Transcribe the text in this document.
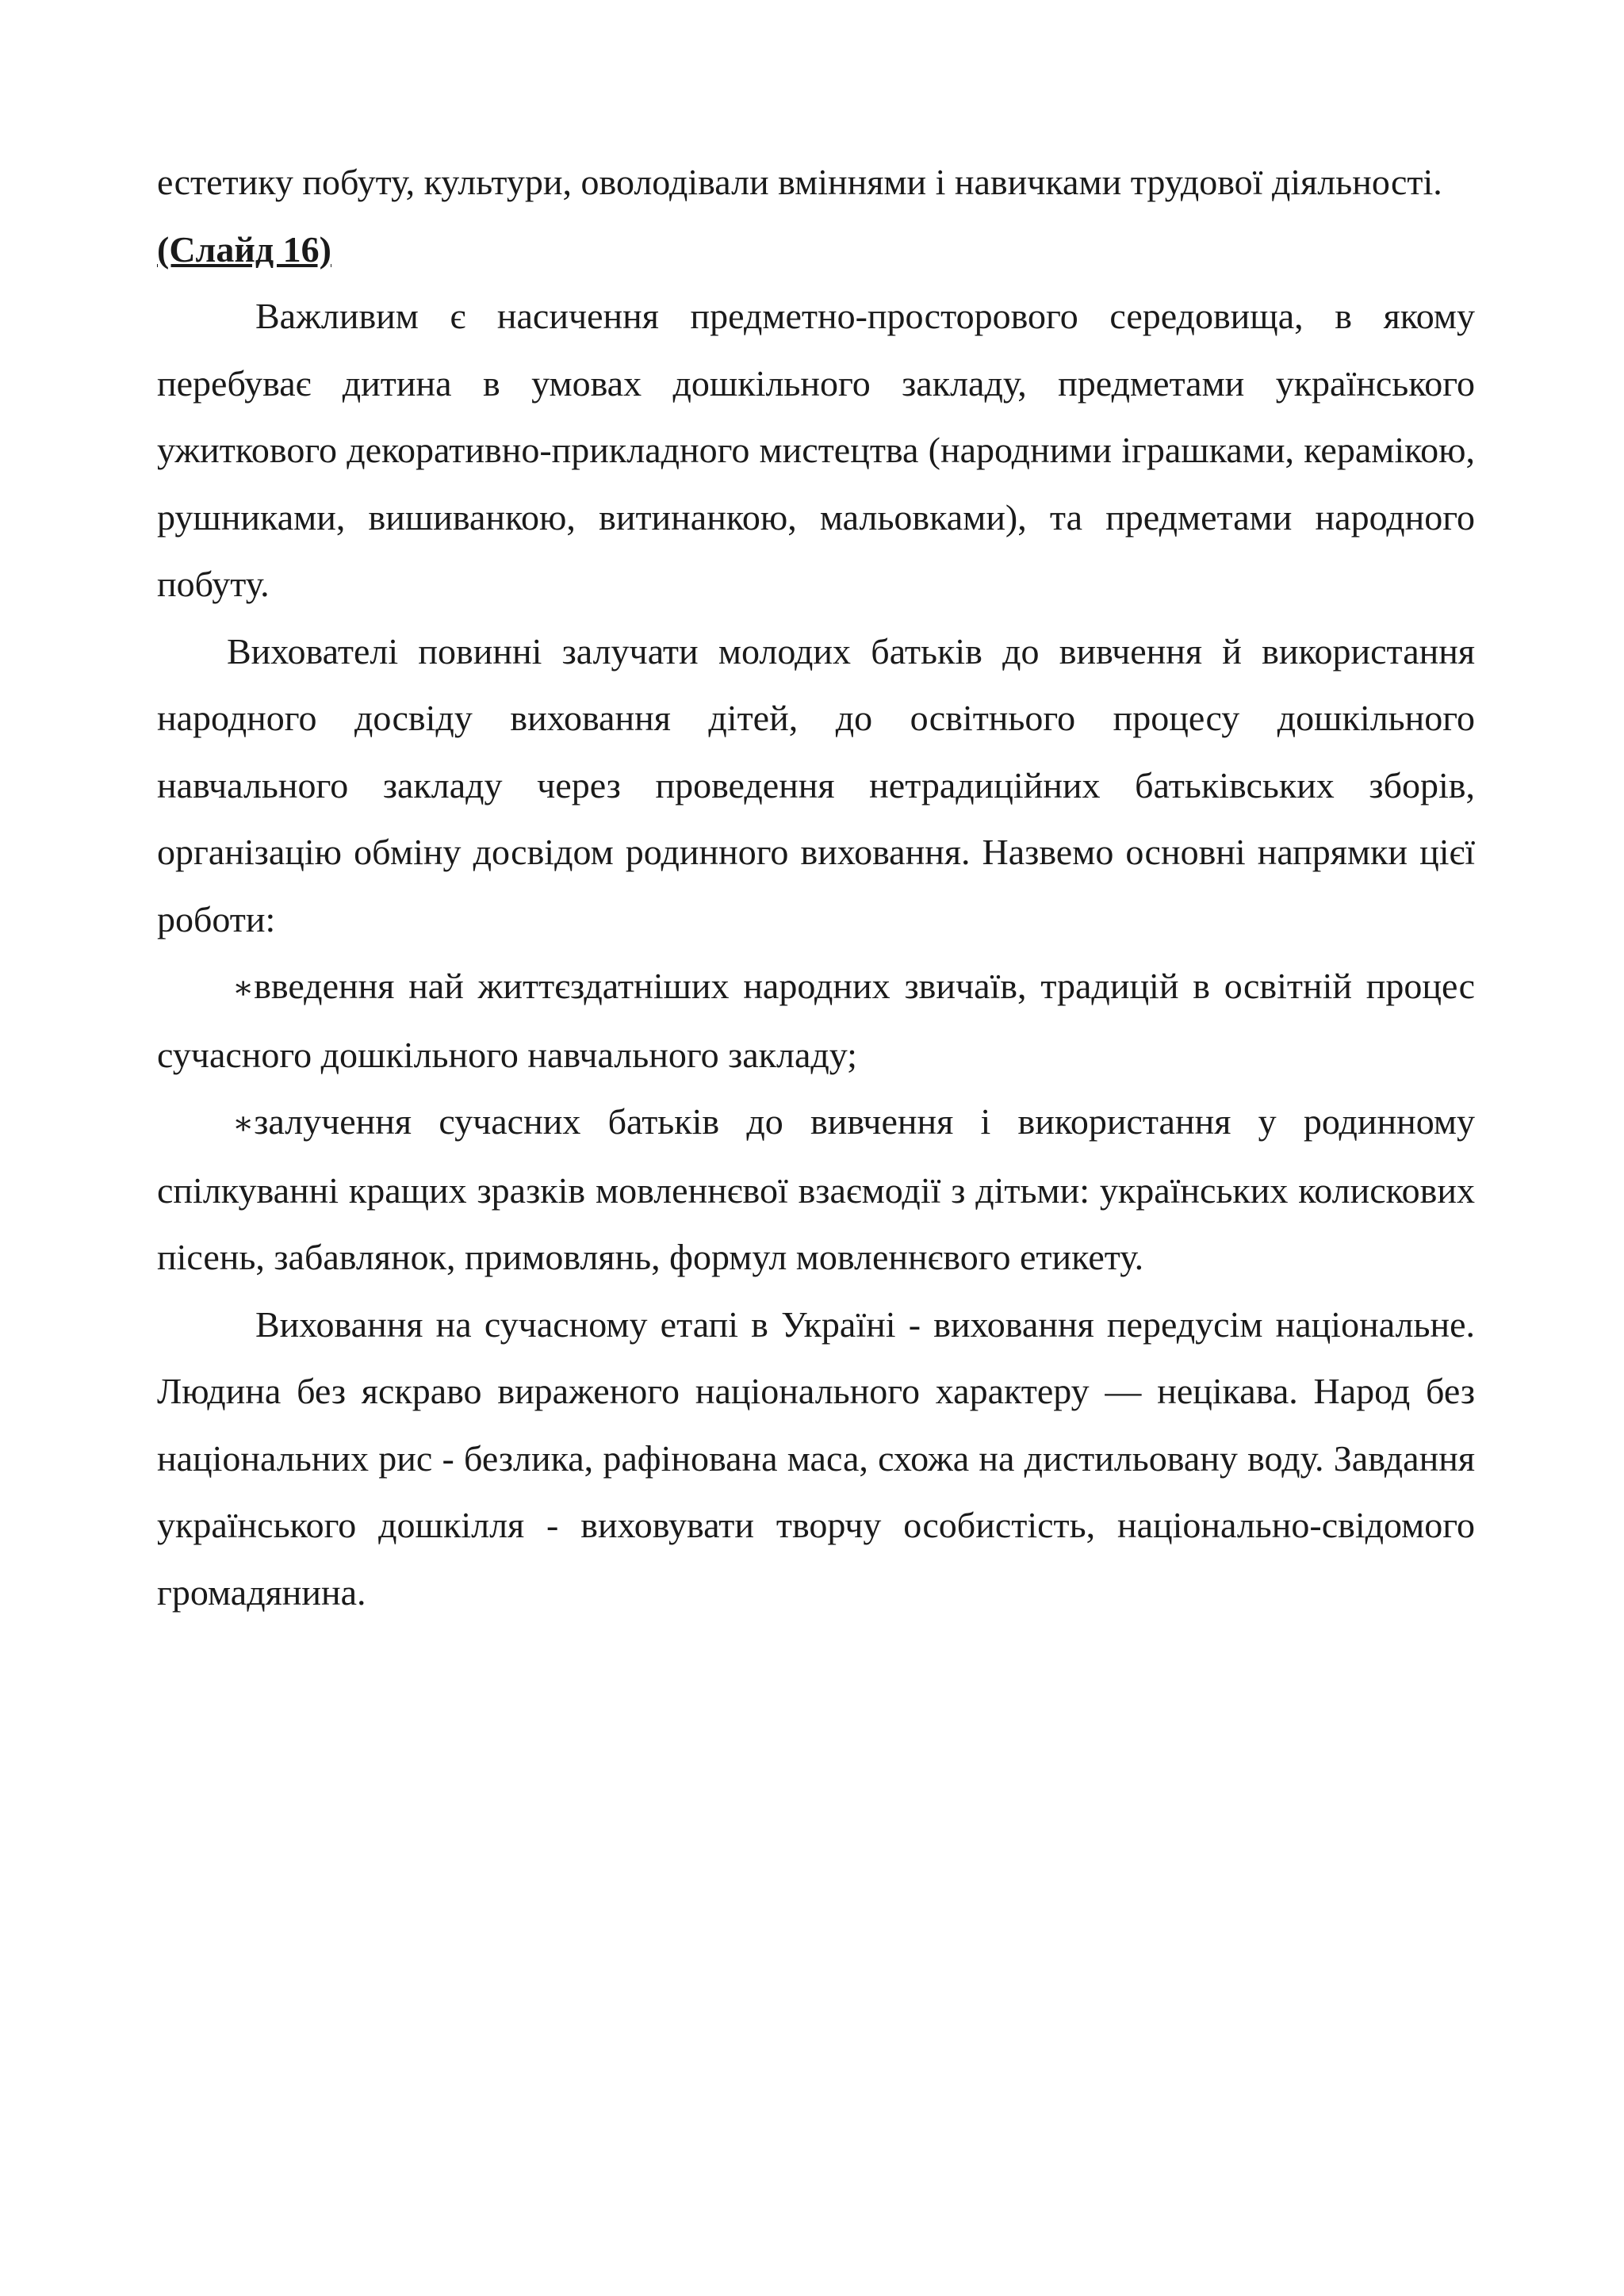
естетику побуту, культури, оволодівали вміннями і навичками трудової діяльності.

(Слайд 16)

Важливим є насичення предметно-просторового середовища, в якому перебуває дитина в умовах дошкільного закладу, предметами українського ужиткового декоративно-прикладного мистецтва (народними іграшками, керамікою, рушниками, вишиванкою, витинанкою, мальовками), та предметами народного побуту.

Вихователі повинні залучати молодих батьків до вивчення й використання народного досвіду виховання дітей, до освітнього процесу дошкільного навчального закладу через проведення нетрадиційних батьківських зборів, організацію обміну досвідом родинного виховання. Назвемо основні напрямки цієї роботи:

∗введення най життєздатніших народних звичаїв, традицій в освітній процес сучасного дошкільного навчального закладу;

∗залучення сучасних батьків до вивчення і використання у родинному спілкуванні кращих зразків мовленнєвої взаємодії з дітьми: українських колискових пісень, забавлянок, примовлянь, формул мовленнєвого етикету.

Виховання на сучасному етапі в Україні - виховання передусім національне. Людина без яскраво вираженого національного характеру — нецікава. Народ без національних рис - безлика, рафінована маса, схожа на дистильовану воду. Завдання українського дошкілля - виховувати творчу особистість, національно-свідомого громадянина.
